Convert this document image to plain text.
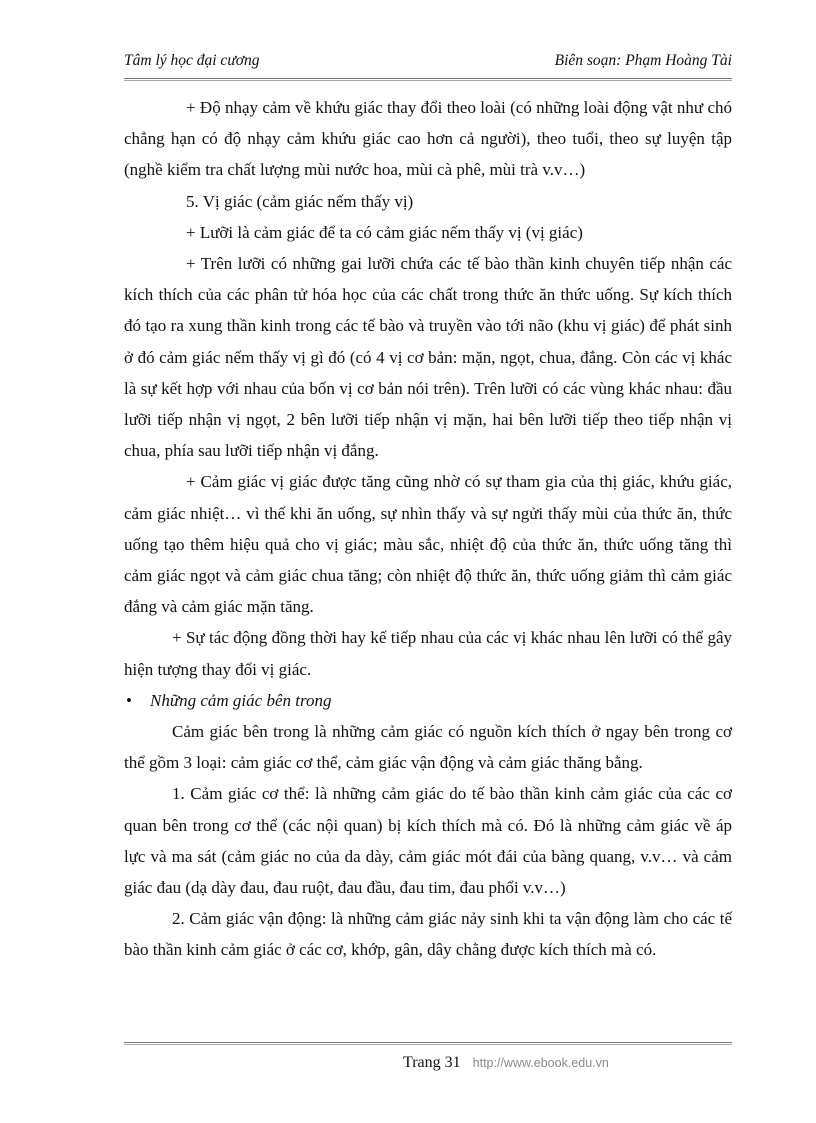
Tâm lý học đại cương	Biên soạn: Phạm Hoàng Tài

+ Độ nhạy cảm về khứu giác thay đổi theo loài (có những loài động vật như chó chẳng hạn có độ nhạy cảm khứu giác cao hơn cả người), theo tuổi, theo sự luyện tập (nghề kiểm tra chất lượng mùi nước hoa, mùi cà phê, mùi trà v.v…)

5. Vị giác (cảm giác nếm thấy vị)

+ Lưỡi là cảm giác để ta có cảm giác nếm thấy vị (vị giác)

+ Trên lưỡi có những gai lưỡi chứa các tế bào thần kinh chuyên tiếp nhận các kích thích của các phân tử hóa học của các chất trong thức ăn thức uống. Sự kích thích đó tạo ra xung thần kinh trong các tế bào và truyền vào tới não (khu vị giác) để phát sinh ở đó cảm giác nếm thấy vị gì đó (có 4 vị cơ bản: mặn, ngọt, chua, đắng. Còn các vị khác là sự kết hợp với nhau của bốn vị cơ bản nói trên). Trên lưỡi có các vùng khác nhau: đầu lưỡi tiếp nhận vị ngọt, 2 bên lưỡi tiếp nhận vị mặn, hai bên lưỡi tiếp theo tiếp nhận vị chua, phía sau lưỡi tiếp nhận vị đắng.

+ Cảm giác vị giác được tăng cũng nhờ có sự tham gia của thị giác, khứu giác, cảm giác nhiệt… vì thế khi ăn uống, sự nhìn thấy và sự ngửi thấy mùi của thức ăn, thức uống tạo thêm hiệu quả cho vị giác; màu sắc, nhiệt độ của thức ăn, thức uống tăng thì cảm giác ngọt và cảm giác chua tăng; còn nhiệt độ thức ăn, thức uống giảm thì cảm giác đắng và cảm giác mặn tăng.

+ Sự tác động đồng thời hay kế tiếp nhau của các vị khác nhau lên lưỡi có thể gây hiện tượng thay đổi vị giác.

• Những cảm giác bên trong

Cảm giác bên trong là những cảm giác có nguồn kích thích ở ngay bên trong cơ thể gồm 3 loại: cảm giác cơ thể, cảm giác vận động và cảm giác thăng bằng.

1. Cảm giác cơ thể: là những cảm giác do tế bào thần kinh cảm giác của các cơ quan bên trong cơ thể (các nội quan) bị kích thích mà có. Đó là những cảm giác về áp lực và ma sát (cảm giác no của da dày, cảm giác mót đái của bàng quang, v.v… và cảm giác đau (dạ dày đau, đau ruột, đau đầu, đau tim, đau phổi v.v…)

2. Cảm giác vận động: là những cảm giác nảy sinh khi ta vận động làm cho các tế bào thần kinh cảm giác ở các cơ, khớp, gân, dây chằng được kích thích mà có.

Trang 31 http://www.ebook.edu.vn
